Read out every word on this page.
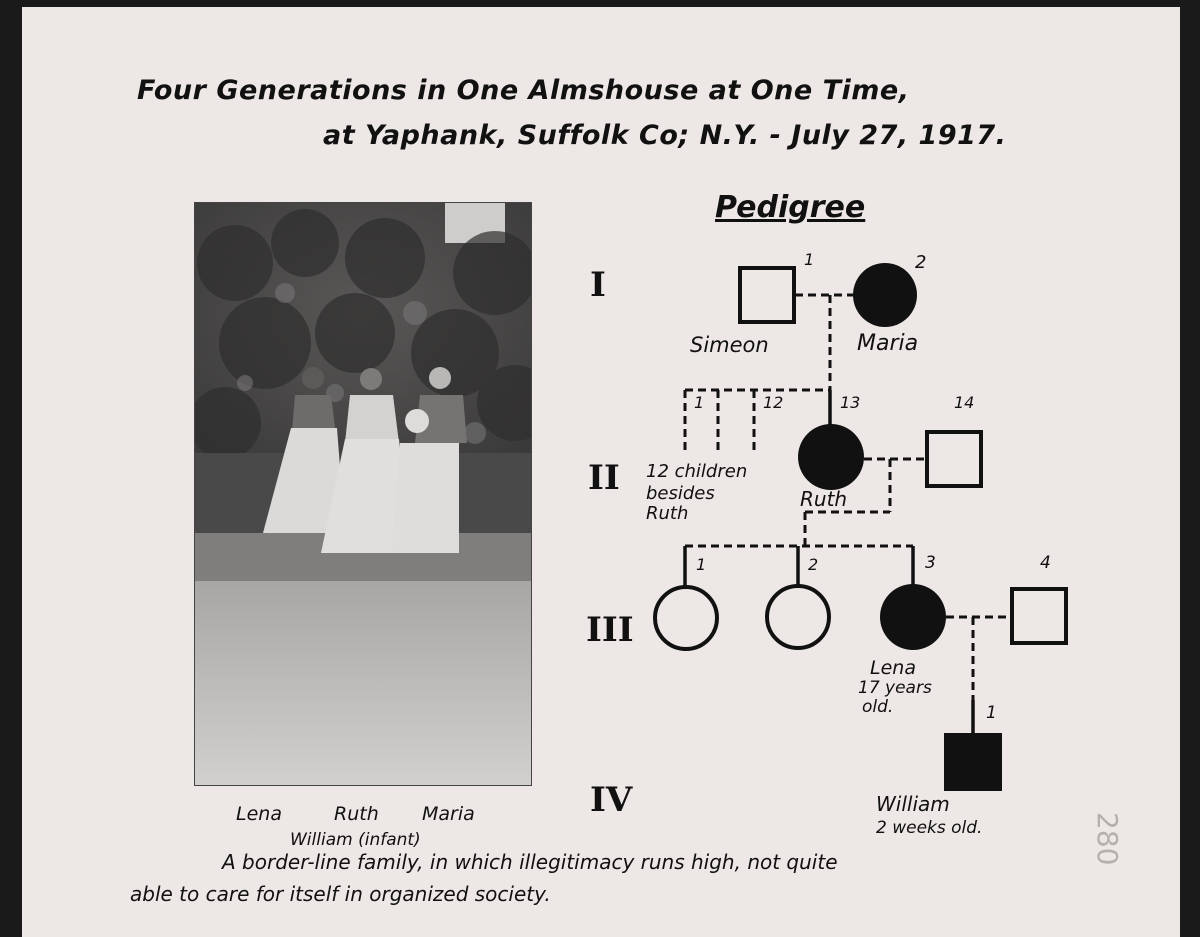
Four Generations in One Almshouse at One Time,

at Yaphank, Suffolk Co; N.Y. - July 27, 1917.

Lena	Ruth Maria

William (infant)

Pedigree

I

II

III

IV

1	2

Simeon	Maria

1	12	13	14

12 children

besides

Ruth

Ruth

1	2	3	4

Lena

17 years

old.	1

William

2 weeks old.

A border-line family, in which illegitimacy runs high, not quite

able to care for itself in organized society.

280
